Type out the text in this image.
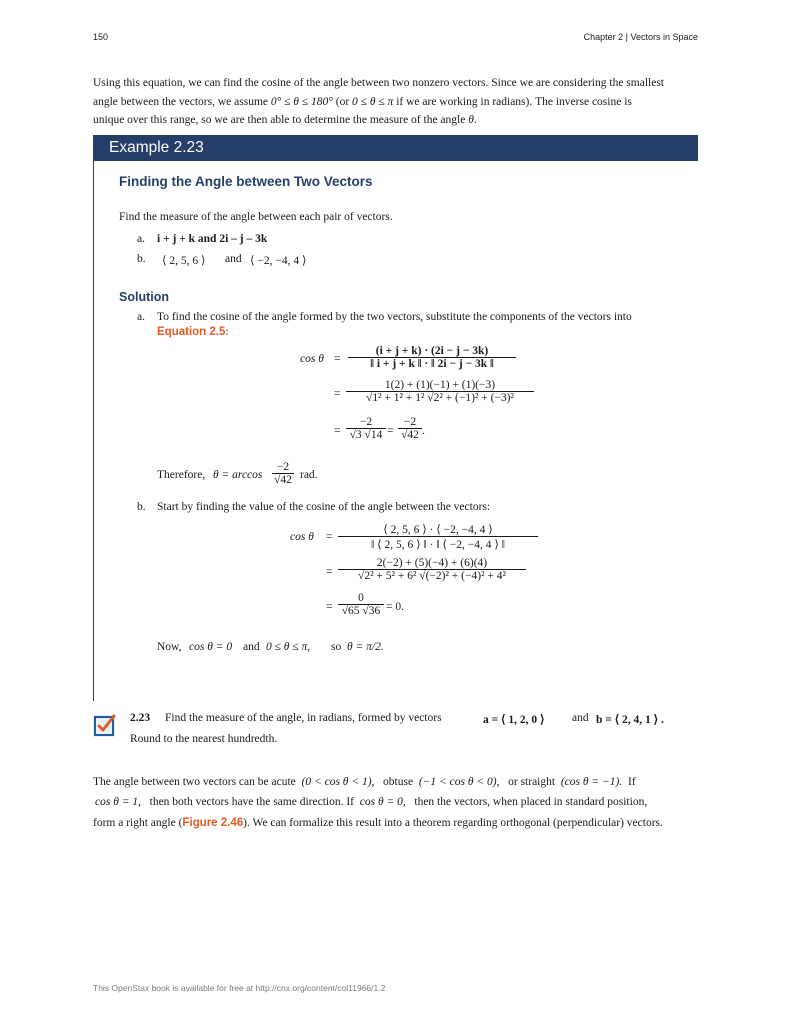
150	Chapter 2 | Vectors in Space
Using this equation, we can find the cosine of the angle between two nonzero vectors. Since we are considering the smallest
angle between the vectors, we assume 0° ≤ θ ≤ 180° (or 0 ≤ θ ≤ π if we are working in radians). The inverse cosine is
unique over this range, so we are then able to determine the measure of the angle θ.
Example 2.23
Finding the Angle between Two Vectors
Find the measure of the angle between each pair of vectors.
a. i + j + k and 2i – j – 3k
b. ⟨ 2, 5, 6 ⟩ and ⟨ −2, −4, 4 ⟩
Solution
a. To find the cosine of the angle formed by the two vectors, substitute the components of the vectors into
Equation 2.5:
$\cos \theta = \frac{(i + j + k) \cdot (2i - j - 3k)}{‖ i + j + k ‖ \cdot ‖ 2i - j - 3k ‖}$
= $\frac{1(2) + (1)(-1) + (1)(-3)}{\text{√1² + 1² + 1² √2² + (−1)² + (−3)²}}$
= $\frac{-2}{√3 √14} = \frac{-2}{√42}$ .
Therefore, $\theta = \arccos \frac{-2}{√42}$ rad.
b. Start by finding the value of the cosine of the angle between the vectors:
$\cos \theta = \frac{⟨ 2, 5, 6 ⟩ \cdot ⟨ -2, -4, 4 ⟩}{‖ ⟨ 2, 5, 6 ⟩ ‖ \cdot ‖ ⟨ -2, -4, 4 ⟩ ‖}$
= $\frac{2(-2) + (5)(-4) + (6)(4)}{\text{√2² + 5² + 6² √(−2)² + (−4)² + 4²}}$
= $\frac{0}{√65 √36} = 0$.
Now, cos θ = 0 and 0 ≤ θ ≤ π, so θ = π/2.
2.23 Find the measure of the angle, in radians, formed by vectors	a = ⟨ 1, 2, 0 ⟩ and b = ⟨ 2, 4, 1 ⟩ .
Round to the nearest hundredth.
The angle between two vectors can be acute (0 < cos θ < 1), obtuse (−1 < cos θ < 0), or straight (cos θ = −1). If
cos θ = 1, then both vectors have the same direction. If cos θ = 0, then the vectors, when placed in standard position,
form a right angle (Figure 2.46). We can formalize this result into a theorem regarding orthogonal (perpendicular) vectors.
This OpenStax book is available for free at http://cnx.org/content/col11966/1.2
